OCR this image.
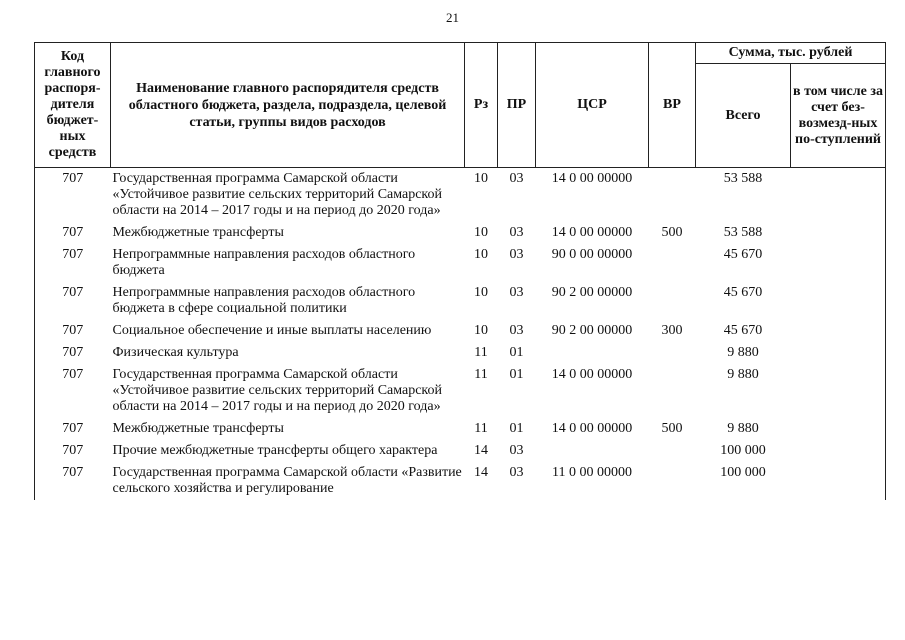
21
Код главного распоря-дителя бюджет-ных средств	Наименование главного распорядителя средств областного бюджета, раздела, подраздела, целевой статьи, группы видов расходов	Рз	ПР	ЦСР	ВР	Сумма, тыс. рублей	
						Всего	в том числе за счет без-возмезд-ных по-ступлений
707	Государственная программа Самарской области «Устойчивое развитие сельских территорий Самарской области на 2014 – 2017 годы и на период до 2020 года»	10	03	14 0 00 00000		53 588	
707	Межбюджетные трансферты	10	03	14 0 00 00000	500	53 588	
707	Непрограммные направления расходов областного бюджета	10	03	90 0 00 00000		45 670	
707	Непрограммные направления расходов областного бюджета в сфере социальной политики	10	03	90 2 00 00000		45 670	
707	Социальное обеспечение и иные выплаты населению	10	03	90 2 00 00000	300	45 670	
707	Физическая культура	11	01			9 880	
707	Государственная программа Самарской области «Устойчивое развитие сельских территорий Самарской области на 2014 – 2017 годы и на период до 2020 года»	11	01	14 0 00 00000		9 880	
707	Межбюджетные трансферты	11	01	14 0 00 00000	500	9 880	
707	Прочие межбюджетные трансферты общего характера	14	03			100 000	
707	Государственная программа Самарской области «Развитие сельского хозяйства и регулирование	14	03	11 0 00 00000		100 000	
